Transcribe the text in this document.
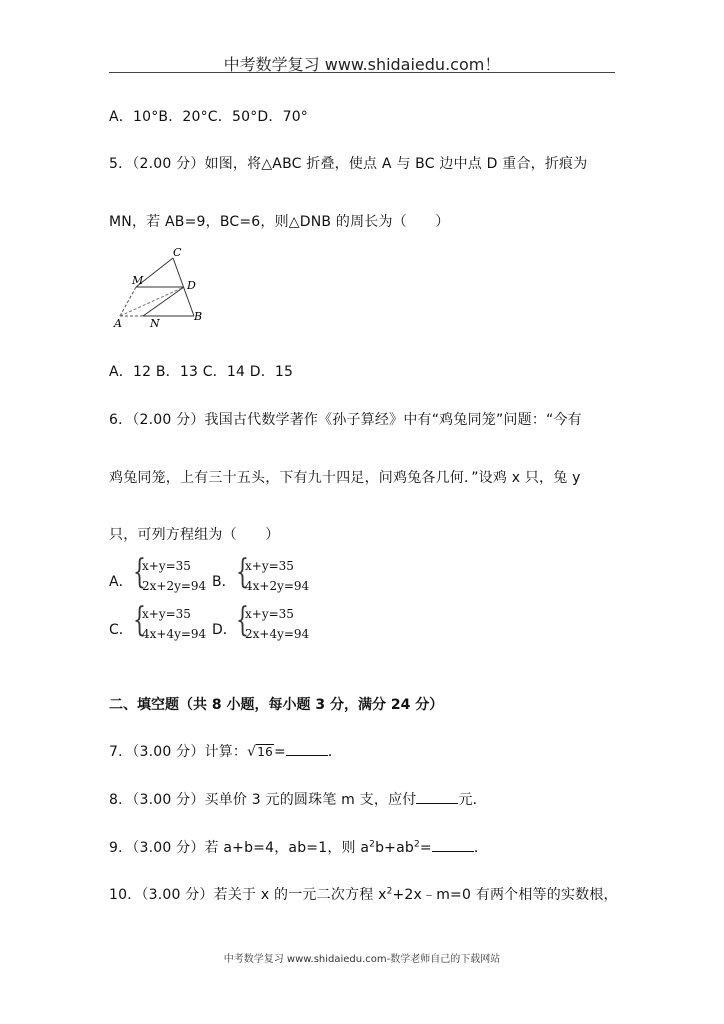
中考数学复习 www.shidaiedu.com！
A．10°B．20°C．50°D．70°
5．（2.00 分）如图，将△ABC 折叠，使点 A 与 BC 边中点 D 重合，折痕为
MN，若 AB=9，BC=6，则△DNB 的周长为（　　）
C
M	D
A	N
B
A．12 B．13 C．14 D．15
6．（2.00 分）我国古代数学著作《孙子算经》中有“鸡兔同笼”问题：“今有
鸡兔同笼，上有三十五头，下有九十四足，问鸡兔各几何．”设鸡 x 只，兔 y
只，可列方程组为（　　）
A． {
x+y=35
2x+2y=94 B． {
x+y=35
4x+2y=94
C． {
x+y=35
4x+4y=94 D． {
x+y=35
2x+4y=94
二、填空题（共 8 小题，每小题 3 分，满分 24 分）
7．（3.00 分）计算：√16=	．
8．（3.00 分）买单价 3 元的圆珠笔 m 支，应付	元．
9．（3.00 分）若 a+b=4，ab=1，则 $a^2b+ab^2=$	．
10．（3.00 分）若关于 x 的一元二次方程 $x^2+2x﹣m=0$ 有两个相等的实数根，
中考数学复习 www.shidaiedu.com-数学老师自己的下载网站
